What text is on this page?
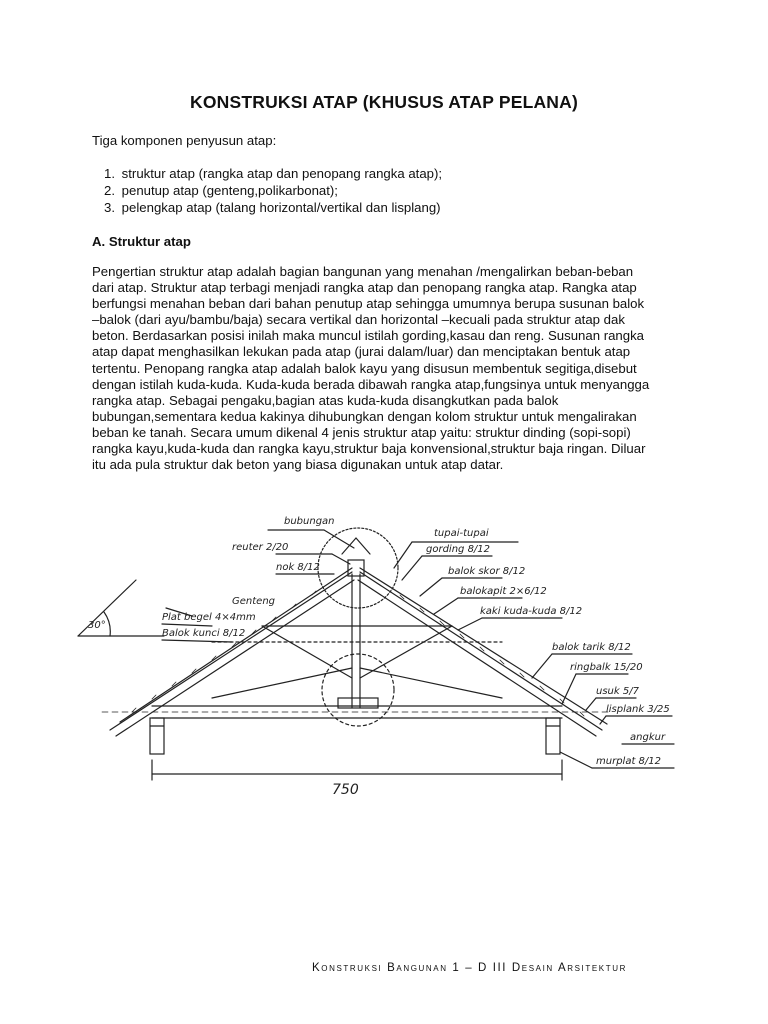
KONSTRUKSI ATAP (KHUSUS ATAP PELANA)
Tiga komponen penyusun atap:
1. struktur atap (rangka atap dan penopang rangka atap);
2. penutup atap (genteng,polikarbonat);
3. pelengkap atap (talang horizontal/vertikal dan lisplang)
A. Struktur atap
Pengertian struktur atap adalah bagian bangunan yang menahan /mengalirkan beban-beban
dari atap. Struktur atap terbagi menjadi rangka atap dan penopang rangka atap. Rangka atap
berfungsi menahan beban dari bahan penutup atap sehingga umumnya berupa susunan balok
–balok (dari ayu/bambu/baja) secara vertikal dan horizontal –kecuali pada struktur atap dak
beton. Berdasarkan posisi inilah maka muncul istilah gording,kasau dan reng. Susunan rangka
atap dapat menghasilkan lekukan pada atap (jurai dalam/luar) dan menciptakan bentuk atap
tertentu. Penopang rangka atap adalah balok kayu yang disusun membentuk segitiga,disebut
dengan istilah kuda-kuda. Kuda-kuda berada dibawah rangka atap,fungsinya untuk menyangga
rangka atap. Sebagai pengaku,bagian atas kuda-kuda disangkutkan pada balok
bubungan,sementara kedua kakinya dihubungkan dengan kolom struktur untuk mengalirakan
beban ke tanah. Secara umum dikenal 4 jenis struktur atap yaitu: struktur dinding (sopi-sopi)
rangka kayu,kuda-kuda dan rangka kayu,struktur baja konvensional,struktur baja ringan. Diluar
itu ada pula struktur dak beton yang biasa digunakan untuk atap datar.
bubungan
reuter 2/20
nok 8/12
tupai-tupai
gording 8/12
balok skor 8/12
balokapit 2×6/12
kaki kuda-kuda 8/12
Genteng
Plat begel 4×4mm
Balok kunci 8/12
balok tarik 8/12
ringbalk 15/20
usuk 5/7
lisplank 3/25
angkur
murplat 8/12
30°
750
Konstruksi Bangunan 1 – D III Desain Arsitektur
